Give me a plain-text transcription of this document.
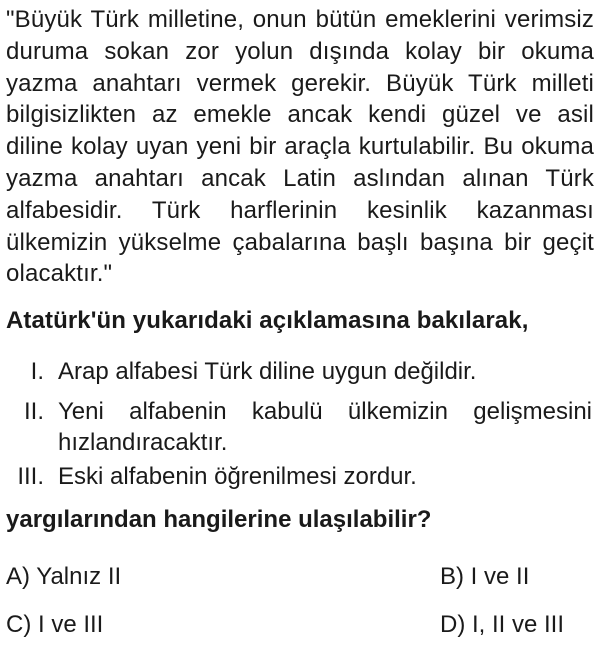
"Büyük Türk milletine, onun bütün emeklerini verimsiz duruma sokan zor yolun dışında kolay bir okuma yazma anahtarı vermek gerekir. Büyük Türk milleti bilgisizlikten az emekle ancak kendi güzel ve asil diline kolay uyan yeni bir araçla kurtulabilir. Bu okuma yazma anahtarı ancak Latin aslından alınan Türk alfabesidir. Türk harflerinin kesinlik kazanması ülkemizin yükselme çabalarına başlı başına bir geçit olacaktır."

Atatürk'ün yukarıdaki açıklamasına bakılarak,

I. Arap alfabesi Türk diline uygun değildir.
II. Yeni alfabenin kabulü ülkemizin gelişmesini hızlandıracaktır.
III. Eski alfabenin öğrenilmesi zordur.

yargılarından hangilerine ulaşılabilir?

A) Yalnız II	B) I ve II
C) I ve III	D) I, II ve III
